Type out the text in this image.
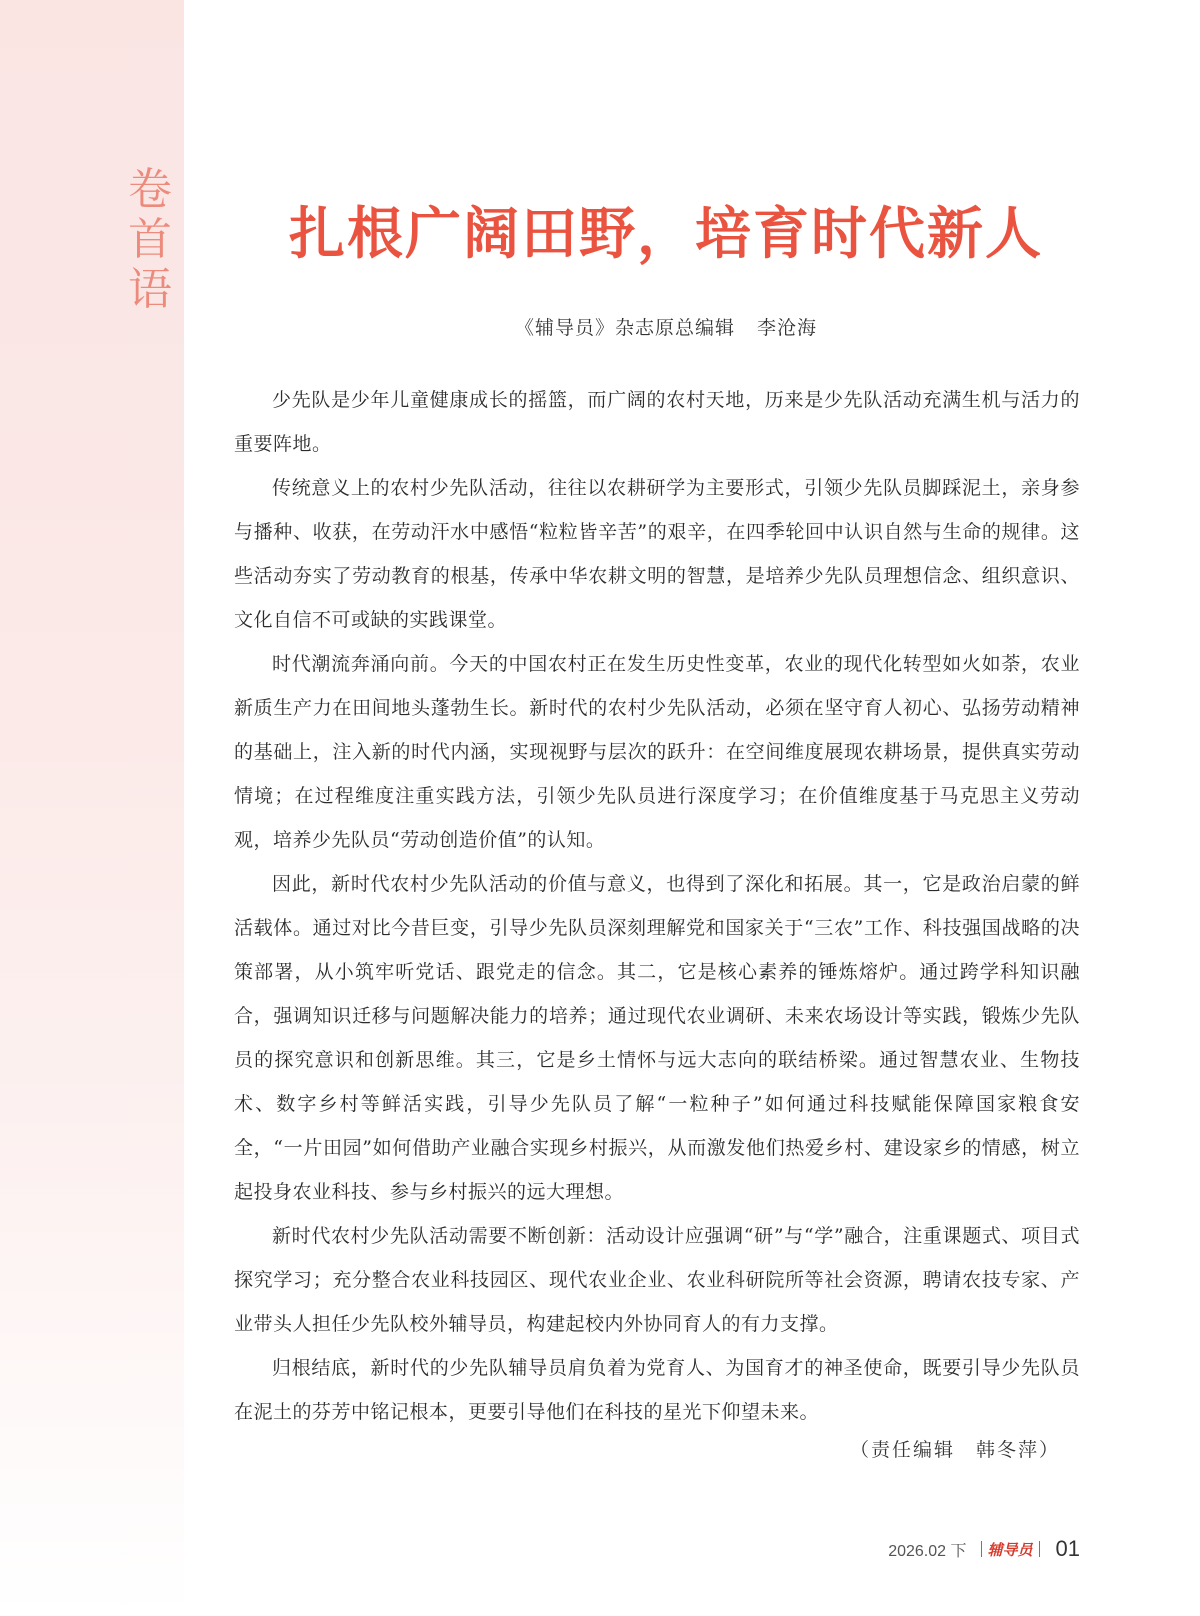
卷
首
语
扎根广阔田野，培育时代新人
《辅导员》杂志原总编辑 李沧海

少先队是少年儿童健康成长的摇篮，而广阔的农村天地，历来是少先队活动充满生机与活力的重要阵地。

传统意义上的农村少先队活动，往往以农耕研学为主要形式，引领少先队员脚踩泥土，亲身参与播种、收获，在劳动汗水中感悟“粒粒皆辛苦”的艰辛，在四季轮回中认识自然与生命的规律。这些活动夯实了劳动教育的根基，传承中华农耕文明的智慧，是培养少先队员理想信念、组织意识、文化自信不可或缺的实践课堂。

时代潮流奔涌向前。今天的中国农村正在发生历史性变革，农业的现代化转型如火如荼，农业新质生产力在田间地头蓬勃生长。新时代的农村少先队活动，必须在坚守育人初心、弘扬劳动精神的基础上，注入新的时代内涵，实现视野与层次的跃升：在空间维度展现农耕场景，提供真实劳动情境；在过程维度注重实践方法，引领少先队员进行深度学习；在价值维度基于马克思主义劳动观，培养少先队员“劳动创造价值”的认知。

因此，新时代农村少先队活动的价值与意义，也得到了深化和拓展。其一，它是政治启蒙的鲜活载体。通过对比今昔巨变，引导少先队员深刻理解党和国家关于“三农”工作、科技强国战略的决策部署，从小筑牢听党话、跟党走的信念。其二，它是核心素养的锤炼熔炉。通过跨学科知识融合，强调知识迁移与问题解决能力的培养；通过现代农业调研、未来农场设计等实践，锻炼少先队员的探究意识和创新思维。其三，它是乡土情怀与远大志向的联结桥梁。通过智慧农业、生物技术、数字乡村等鲜活实践，引导少先队员了解“一粒种子”如何通过科技赋能保障国家粮食安全，“一片田园”如何借助产业融合实现乡村振兴，从而激发他们热爱乡村、建设家乡的情感，树立起投身农业科技、参与乡村振兴的远大理想。

新时代农村少先队活动需要不断创新：活动设计应强调“研”与“学”融合，注重课题式、项目式探究学习；充分整合农业科技园区、现代农业企业、农业科研院所等社会资源，聘请农技专家、产业带头人担任少先队校外辅导员，构建起校内外协同育人的有力支撑。

归根结底，新时代的少先队辅导员肩负着为党育人、为国育才的神圣使命，既要引导少先队员在泥土的芬芳中铭记根本，更要引导他们在科技的星光下仰望未来。

（责任编辑　韩冬萍）
2026.02 下 辅导员 01
